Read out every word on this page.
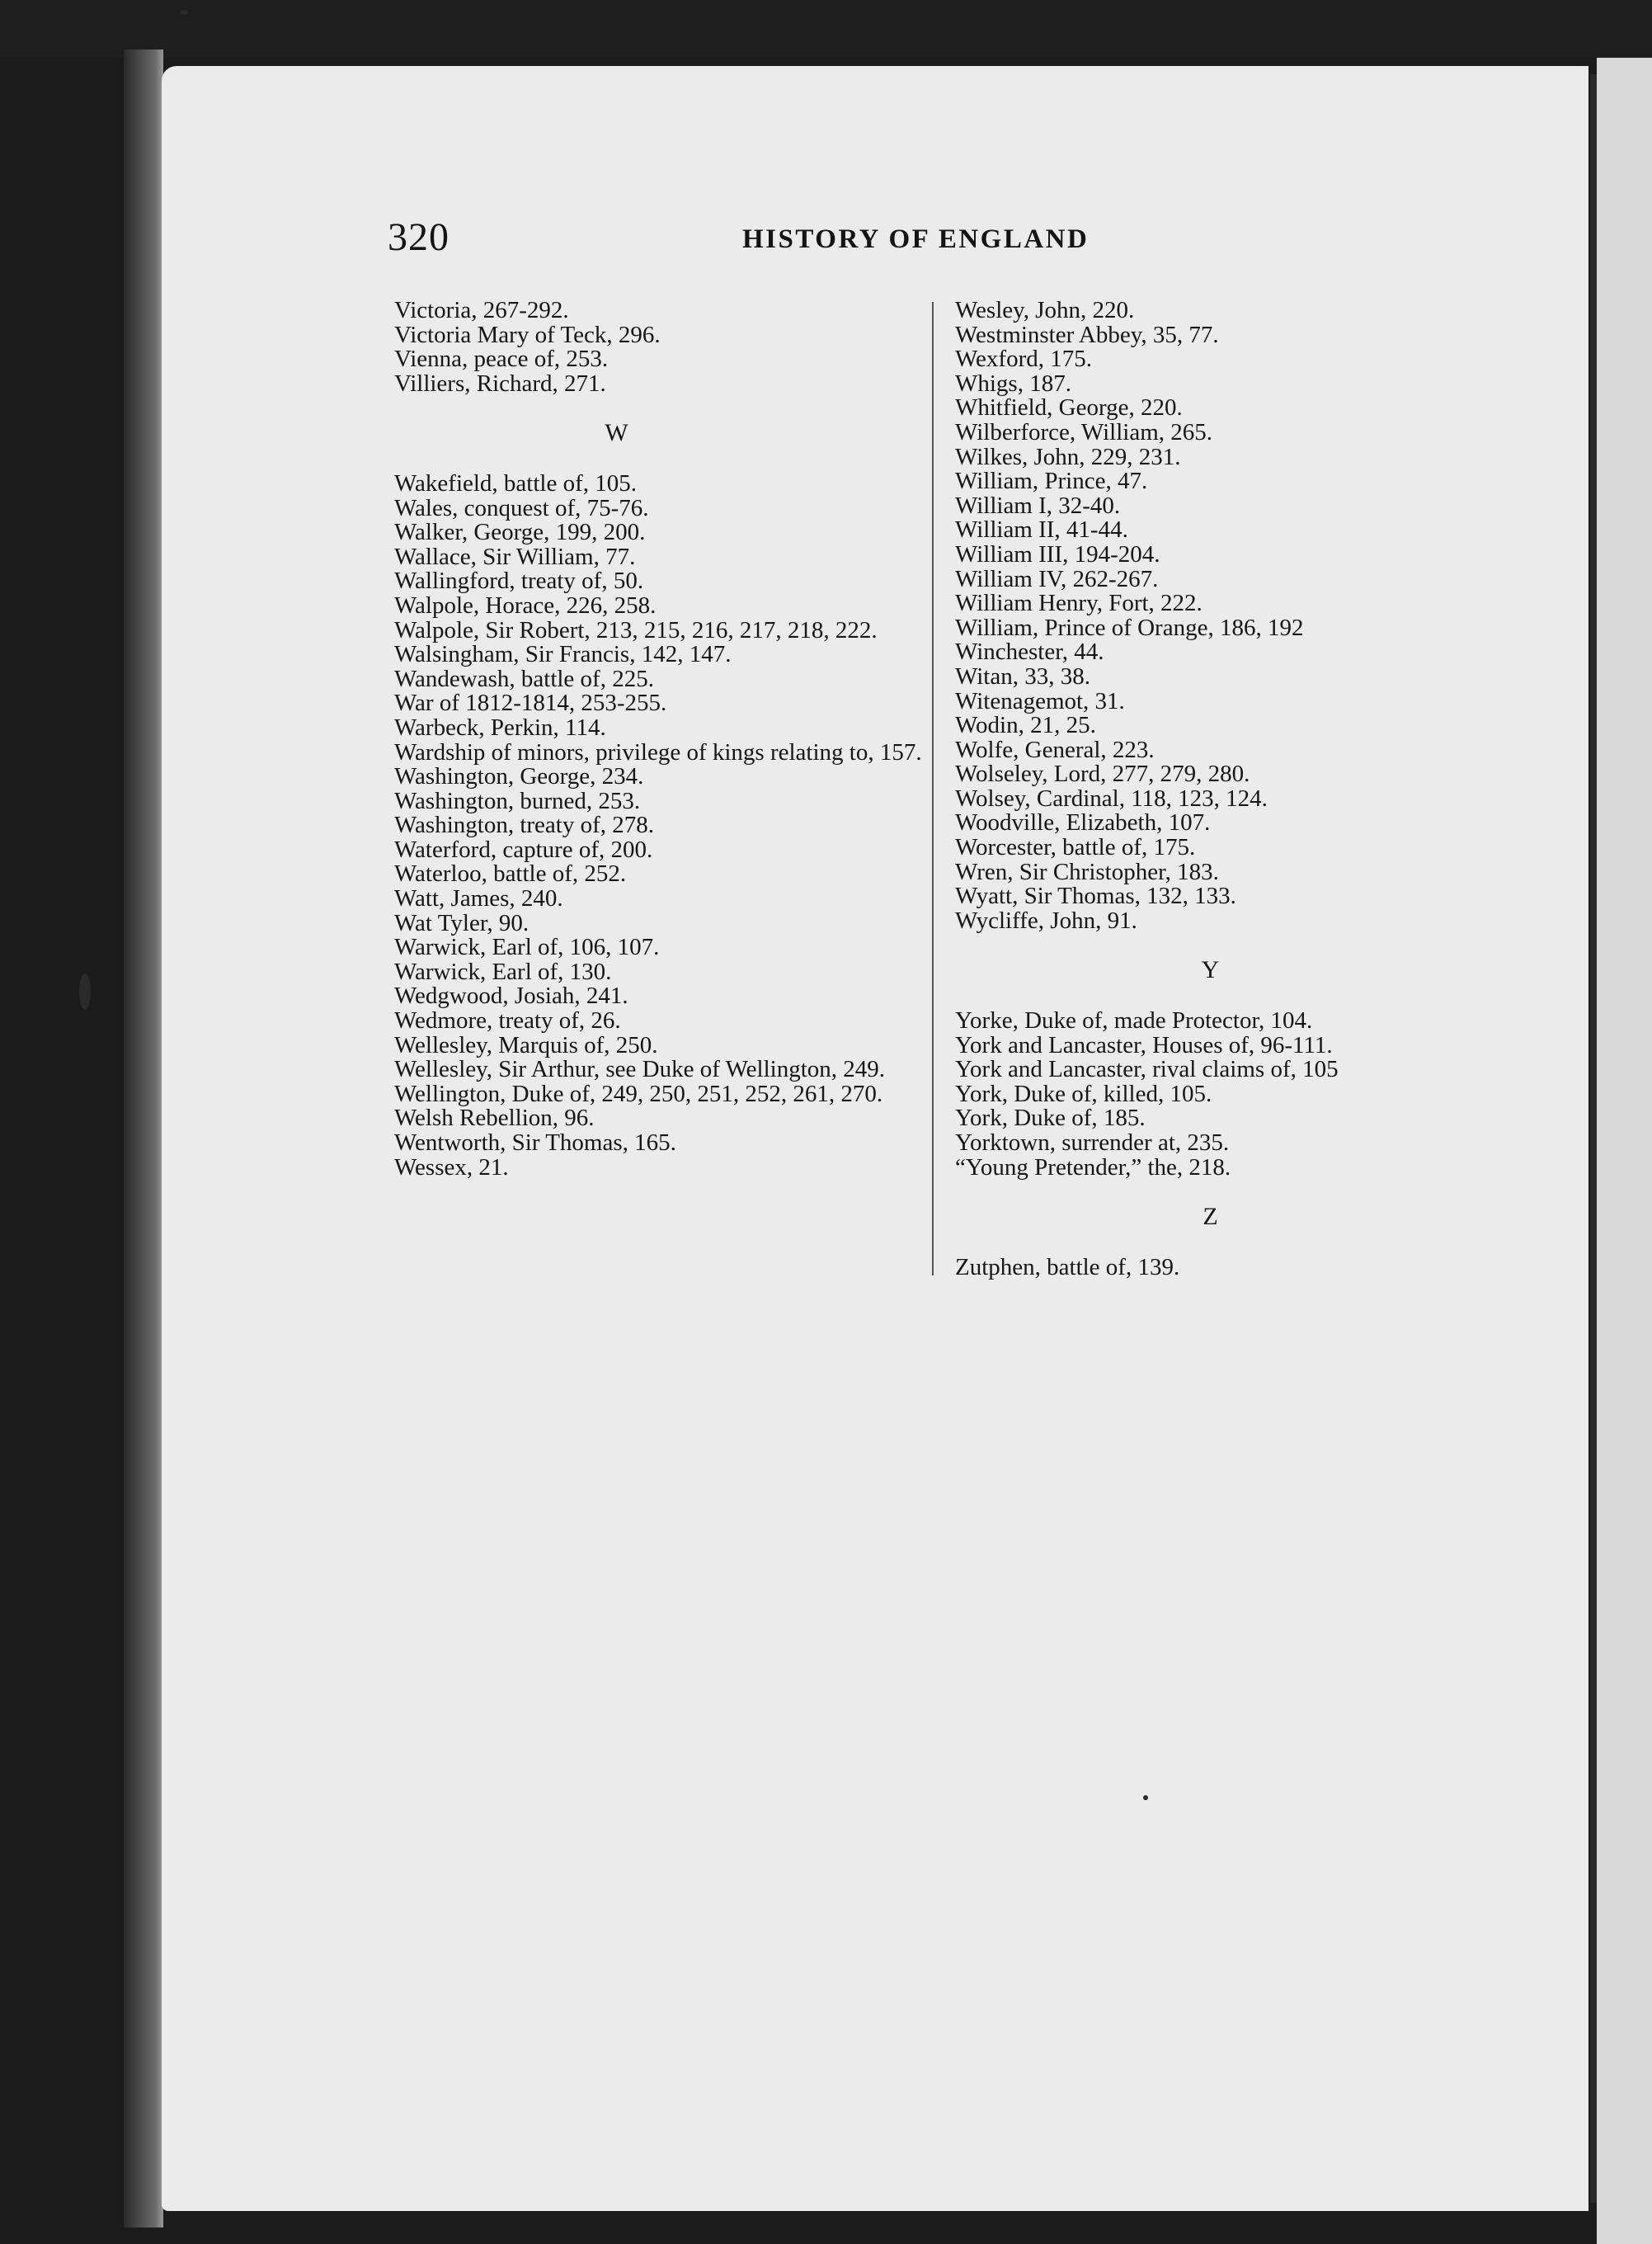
320	HISTORY OF ENGLAND

Victoria, 267-292.

Victoria Mary of Teck, 296.

Vienna, peace of, 253.

Villiers, Richard, 271.

W

Wakefield, battle of, 105.

Wales, conquest of, 75-76.

Walker, George, 199, 200.

Wallace, Sir William, 77.

Wallingford, treaty of, 50.

Walpole, Horace, 226, 258.

Walpole, Sir Robert, 213, 215, 216, 217, 218, 222.

Walsingham, Sir Francis, 142, 147.

Wandewash, battle of, 225.

War of 1812-1814, 253-255.

Warbeck, Perkin, 114.

Wardship of minors, privilege of kings relating to, 157.

Washington, George, 234.

Washington, burned, 253.

Washington, treaty of, 278.

Waterford, capture of, 200.

Waterloo, battle of, 252.

Watt, James, 240.

Wat Tyler, 90.

Warwick, Earl of, 106, 107.

Warwick, Earl of, 130.

Wedgwood, Josiah, 241.

Wedmore, treaty of, 26.

Wellesley, Marquis of, 250.

Wellesley, Sir Arthur, see Duke of Wellington, 249.

Wellington, Duke of, 249, 250, 251, 252, 261, 270.

Welsh Rebellion, 96.

Wentworth, Sir Thomas, 165.

Wessex, 21.

Wesley, John, 220.

Westminster Abbey, 35, 77.

Wexford, 175.

Whigs, 187.

Whitfield, George, 220.

Wilberforce, William, 265.

Wilkes, John, 229, 231.

William, Prince, 47.

William I, 32-40.

William II, 41-44.

William III, 194-204.

William IV, 262-267.

William Henry, Fort, 222.

William, Prince of Orange, 186, 192

Winchester, 44.

Witan, 33, 38.

Witenagemot, 31.

Wodin, 21, 25.

Wolfe, General, 223.

Wolseley, Lord, 277, 279, 280.

Wolsey, Cardinal, 118, 123, 124.

Woodville, Elizabeth, 107.

Worcester, battle of, 175.

Wren, Sir Christopher, 183.

Wyatt, Sir Thomas, 132, 133.

Wycliffe, John, 91.

Y

Yorke, Duke of, made Protector, 104.

York and Lancaster, Houses of, 96-111.

York and Lancaster, rival claims of, 105

York, Duke of, killed, 105.

York, Duke of, 185.

Yorktown, surrender at, 235.

“Young Pretender,” the, 218.

Z

Zutphen, battle of, 139.
